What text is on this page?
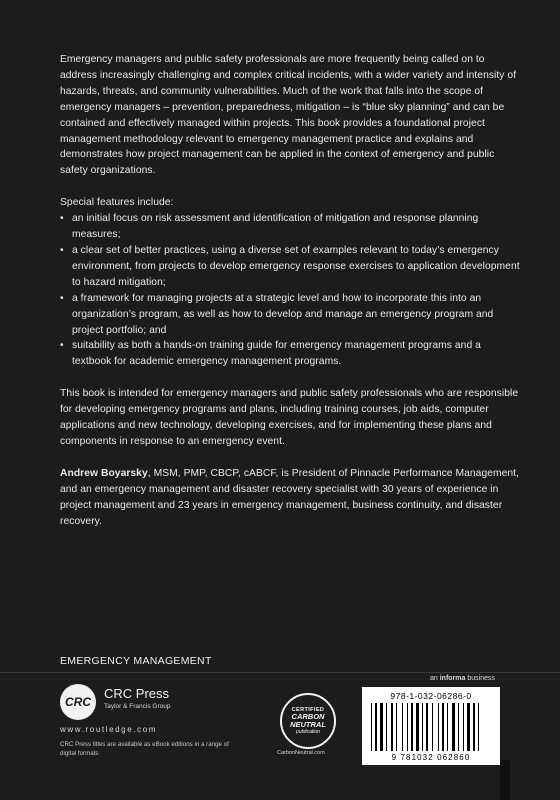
Emergency managers and public safety professionals are more frequently being called on to address increasingly challenging and complex critical incidents, with a wider variety and intensity of hazards, threats, and community vulnerabilities. Much of the work that falls into the scope of emergency managers – prevention, preparedness, mitigation – is “blue sky planning” and can be contained and effectively managed within projects. This book provides a foundational project management methodology relevant to emergency management practice and explains and demonstrates how project management can be applied in the context of emergency and public safety organizations.

Special features include:

• an initial focus on risk assessment and identification of mitigation and response planning measures;
• a clear set of better practices, using a diverse set of examples relevant to today’s emergency environment, from projects to develop emergency response exercises to application development to hazard mitigation;
• a framework for managing projects at a strategic level and how to incorporate this into an organization’s program, as well as how to develop and manage an emergency program and project portfolio; and
• suitability as both a hands-on training guide for emergency management programs and a textbook for academic emergency management programs.

This book is intended for emergency managers and public safety professionals who are responsible for developing emergency programs and plans, including training courses, job aids, computer applications and new technology, developing exercises, and for implementing these plans and components in response to an emergency event.

Andrew Boyarsky, MSM, PMP, CBCP, cABCF, is President of Pinnacle Performance Management, and an emergency management and disaster recovery specialist with 30 years of experience in project management and 23 years in emergency management, business continuity, and disaster recovery.

EMERGENCY MANAGEMENT
an informa business
CRC
CRC Press
Taylor & Francis Group
www.routledge.com
CRC Press titles are available as eBook editions in a range of digital formats
CERTIFIED
CARBON
NEUTRAL
publication
CarbonNeutral.com
978-1-032-06286-0
9 781032 062860
